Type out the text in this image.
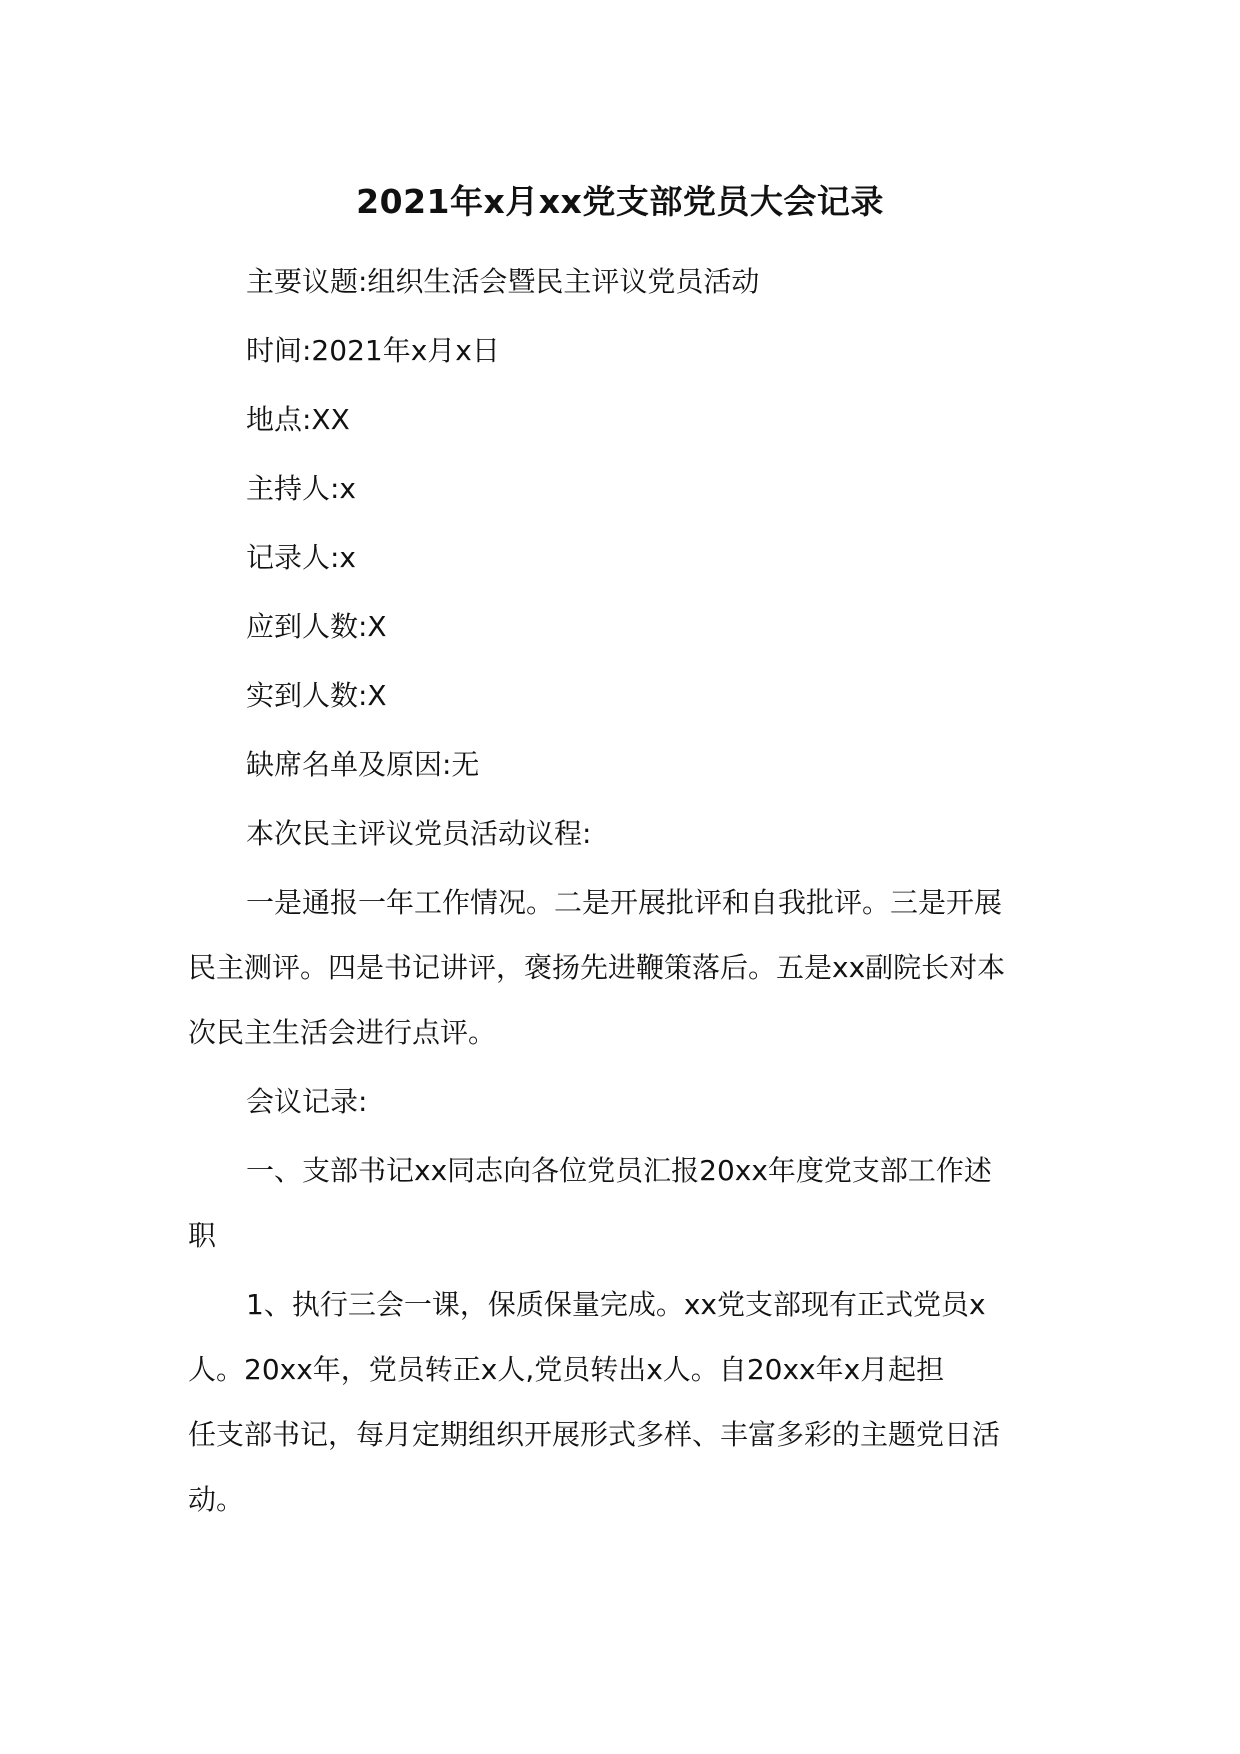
2021年x月xx党支部党员大会记录

主要议题:组织生活会暨民主评议党员活动

时间:2021年x月x日

地点:XX

主持人:x

记录人:x

应到人数:X

实到人数:X

缺席名单及原因:无

本次民主评议党员活动议程:

一是通报一年工作情况。二是开展批评和自我批评。三是开展
民主测评。四是书记讲评，褒扬先进鞭策落后。五是xx副院长对本
次民主生活会进行点评。

会议记录:

一、支部书记xx同志向各位党员汇报20xx年度党支部工作述
职
1、执行三会一课，保质保量完成。xx党支部现有正式党员x
人。20xx年，党员转正x人,党员转出x人。自20xx年x月起担
任支部书记，每月定期组织开展形式多样、丰富多彩的主题党日活
动。
